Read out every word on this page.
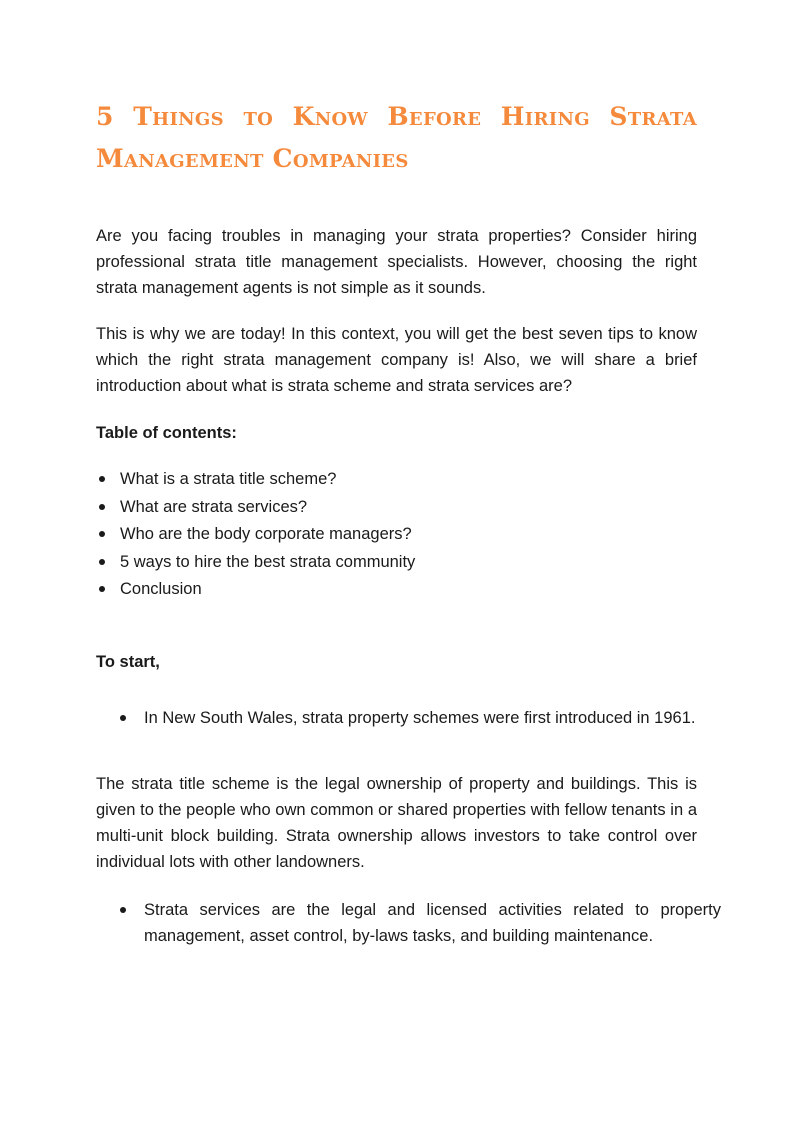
5 Things to Know Before Hiring Strata Management Companies

Are you facing troubles in managing your strata properties? Consider hiring professional strata title management specialists. However, choosing the right strata management agents is not simple as it sounds.

This is why we are today! In this context, you will get the best seven tips to know which the right strata management company is! Also, we will share a brief introduction about what is strata scheme and strata services are?

Table of contents:

What is a strata title scheme?
What are strata services?
Who are the body corporate managers?
5 ways to hire the best strata community
Conclusion

To start,

In New South Wales, strata property schemes were first introduced in 1961.

The strata title scheme is the legal ownership of property and buildings. This is given to the people who own common or shared properties with fellow tenants in a multi-unit block building. Strata ownership allows investors to take control over individual lots with other landowners.

Strata services are the legal and licensed activities related to property management, asset control, by-laws tasks, and building maintenance.
